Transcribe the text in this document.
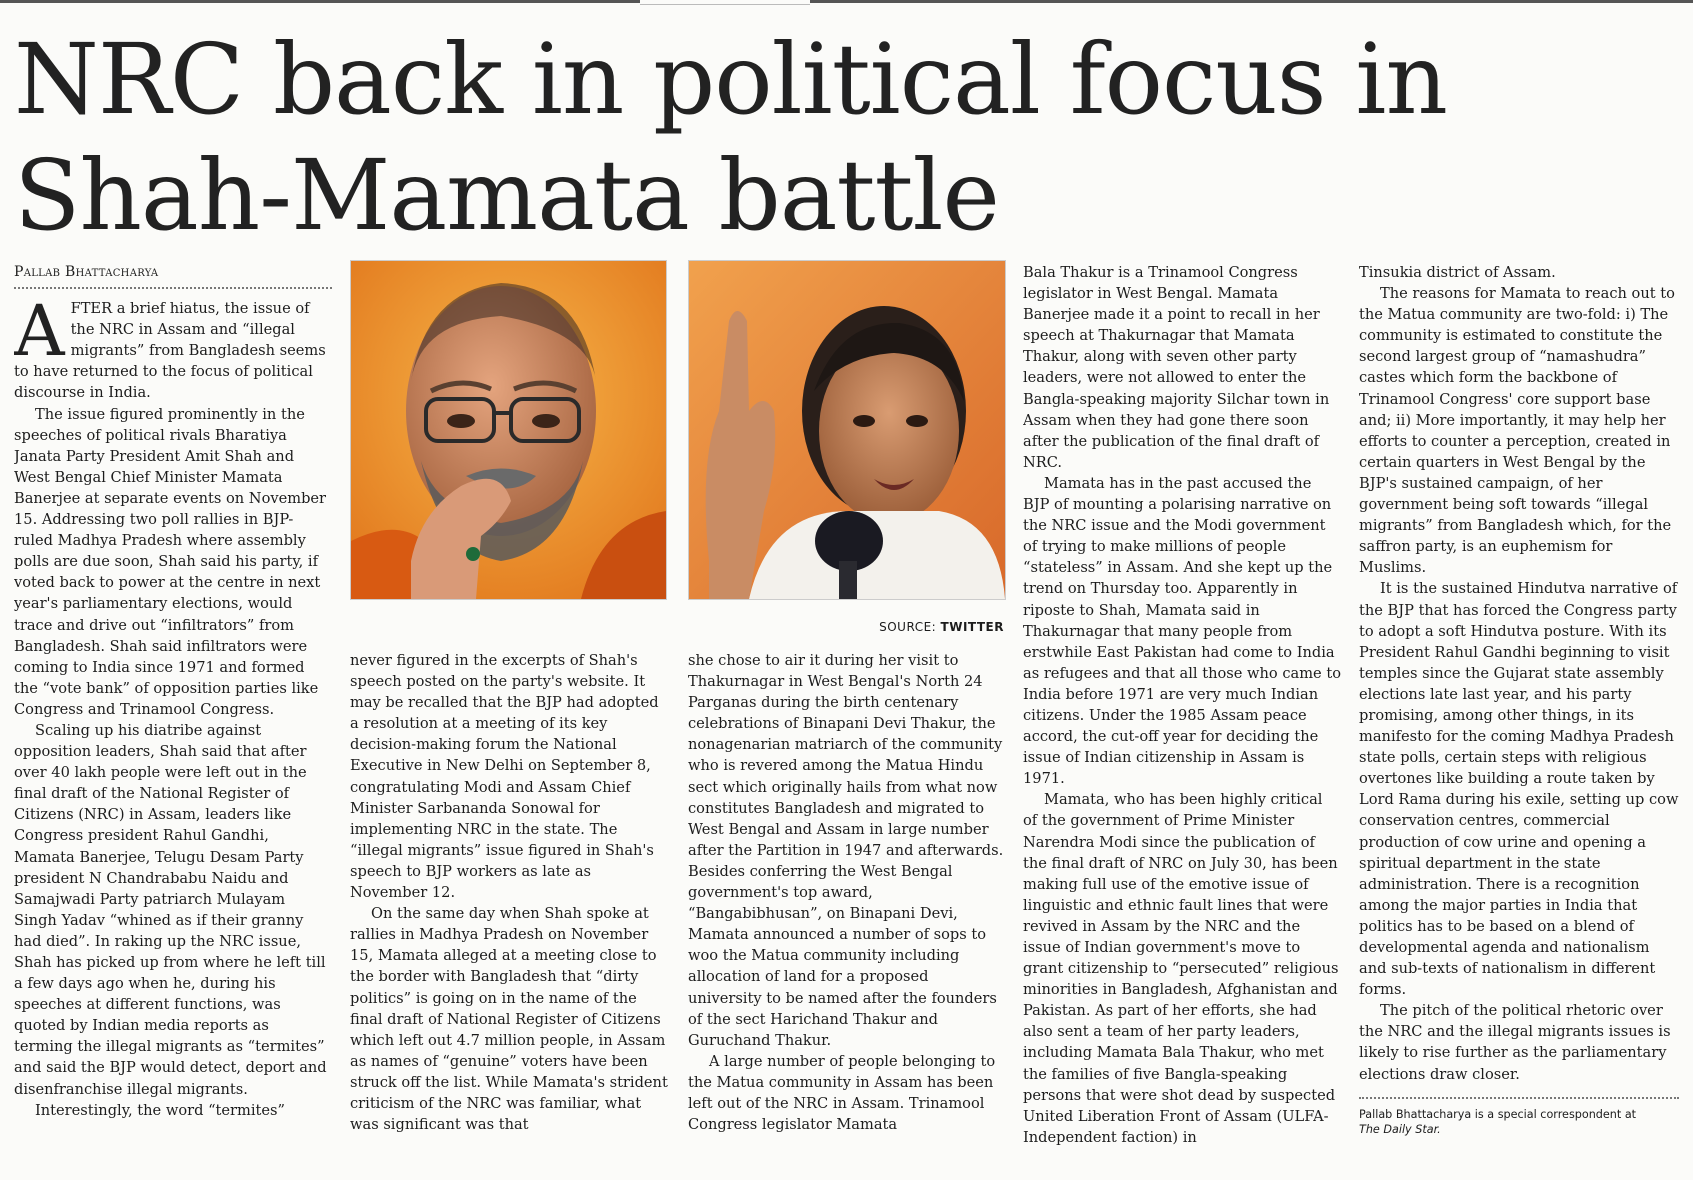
NRC back in political focus in
Shah-Mamata battle
Pallab Bhattacharya

AFTER a brief hiatus, the issue of the NRC in Assam and “illegal migrants” from Bangladesh seems to have returned to the focus of political discourse in India.

The issue figured prominently in the speeches of political rivals Bharatiya Janata Party President Amit Shah and West Bengal Chief Minister Mamata Banerjee at separate events on November 15. Addressing two poll rallies in BJP-ruled Madhya Pradesh where assembly polls are due soon, Shah said his party, if voted back to power at the centre in next year's parliamentary elections, would trace and drive out “infiltrators” from Bangladesh. Shah said infiltrators were coming to India since 1971 and formed the “vote bank” of opposition parties like Congress and Trinamool Congress.

Scaling up his diatribe against opposition leaders, Shah said that after over 40 lakh people were left out in the final draft of the National Register of Citizens (NRC) in Assam, leaders like Congress president Rahul Gandhi, Mamata Banerjee, Telugu Desam Party president N Chandrababu Naidu and Samajwadi Party patriarch Mulayam Singh Yadav “whined as if their granny had died”. In raking up the NRC issue, Shah has picked up from where he left till a few days ago when he, during his speeches at different functions, was quoted by Indian media reports as terming the illegal migrants as “termites” and said the BJP would detect, deport and disenfranchise illegal migrants.

Interestingly, the word “termites”

SOURCE: TWITTER

never figured in the excerpts of Shah's speech posted on the party's website. It may be recalled that the BJP had adopted a resolution at a meeting of its key decision-making forum the National Executive in New Delhi on September 8, congratulating Modi and Assam Chief Minister Sarbananda Sonowal for implementing NRC in the state. The “illegal migrants” issue figured in Shah's speech to BJP workers as late as November 12.

On the same day when Shah spoke at rallies in Madhya Pradesh on November 15, Mamata alleged at a meeting close to the border with Bangladesh that “dirty politics” is going on in the name of the final draft of National Register of Citizens which left out 4.7 million people, in Assam as names of “genuine” voters have been struck off the list. While Mamata's strident criticism of the NRC was familiar, what was significant was that

she chose to air it during her visit to Thakurnagar in West Bengal's North 24 Parganas during the birth centenary celebrations of Binapani Devi Thakur, the nonagenarian matriarch of the community who is revered among the Matua Hindu sect which originally hails from what now constitutes Bangladesh and migrated to West Bengal and Assam in large number after the Partition in 1947 and afterwards. Besides conferring the West Bengal government's top award, “Bangabibhusan”, on Binapani Devi, Mamata announced a number of sops to woo the Matua community including allocation of land for a proposed university to be named after the founders of the sect Harichand Thakur and Guruchand Thakur.

A large number of people belonging to the Matua community in Assam has been left out of the NRC in Assam. Trinamool Congress legislator Mamata

Bala Thakur is a Trinamool Congress legislator in West Bengal. Mamata Banerjee made it a point to recall in her speech at Thakurnagar that Mamata Thakur, along with seven other party leaders, were not allowed to enter the Bangla-speaking majority Silchar town in Assam when they had gone there soon after the publication of the final draft of NRC.

Mamata has in the past accused the BJP of mounting a polarising narrative on the NRC issue and the Modi government of trying to make millions of people “stateless” in Assam. And she kept up the trend on Thursday too. Apparently in riposte to Shah, Mamata said in Thakurnagar that many people from erstwhile East Pakistan had come to India as refugees and that all those who came to India before 1971 are very much Indian citizens. Under the 1985 Assam peace accord, the cut-off year for deciding the issue of Indian citizenship in Assam is 1971.

Mamata, who has been highly critical of the government of Prime Minister Narendra Modi since the publication of the final draft of NRC on July 30, has been making full use of the emotive issue of linguistic and ethnic fault lines that were revived in Assam by the NRC and the issue of Indian government's move to grant citizenship to “persecuted” religious minorities in Bangladesh, Afghanistan and Pakistan. As part of her efforts, she had also sent a team of her party leaders, including Mamata Bala Thakur, who met the families of five Bangla-speaking persons that were shot dead by suspected United Liberation Front of Assam (ULFA-Independent faction) in

Tinsukia district of Assam.

The reasons for Mamata to reach out to the Matua community are two-fold: i) The community is estimated to constitute the second largest group of “namashudra” castes which form the backbone of Trinamool Congress' core support base and; ii) More importantly, it may help her efforts to counter a perception, created in certain quarters in West Bengal by the BJP's sustained campaign, of her government being soft towards “illegal migrants” from Bangladesh which, for the saffron party, is an euphemism for Muslims.

It is the sustained Hindutva narrative of the BJP that has forced the Congress party to adopt a soft Hindutva posture. With its President Rahul Gandhi beginning to visit temples since the Gujarat state assembly elections late last year, and his party promising, among other things, in its manifesto for the coming Madhya Pradesh state polls, certain steps with religious overtones like building a route taken by Lord Rama during his exile, setting up cow conservation centres, commercial production of cow urine and opening a spiritual department in the state administration. There is a recognition among the major parties in India that politics has to be based on a blend of developmental agenda and nationalism and sub-texts of nationalism in different forms.

The pitch of the political rhetoric over the NRC and the illegal migrants issues is likely to rise further as the parliamentary elections draw closer.

Pallab Bhattacharya is a special correspondent at
The Daily Star.
